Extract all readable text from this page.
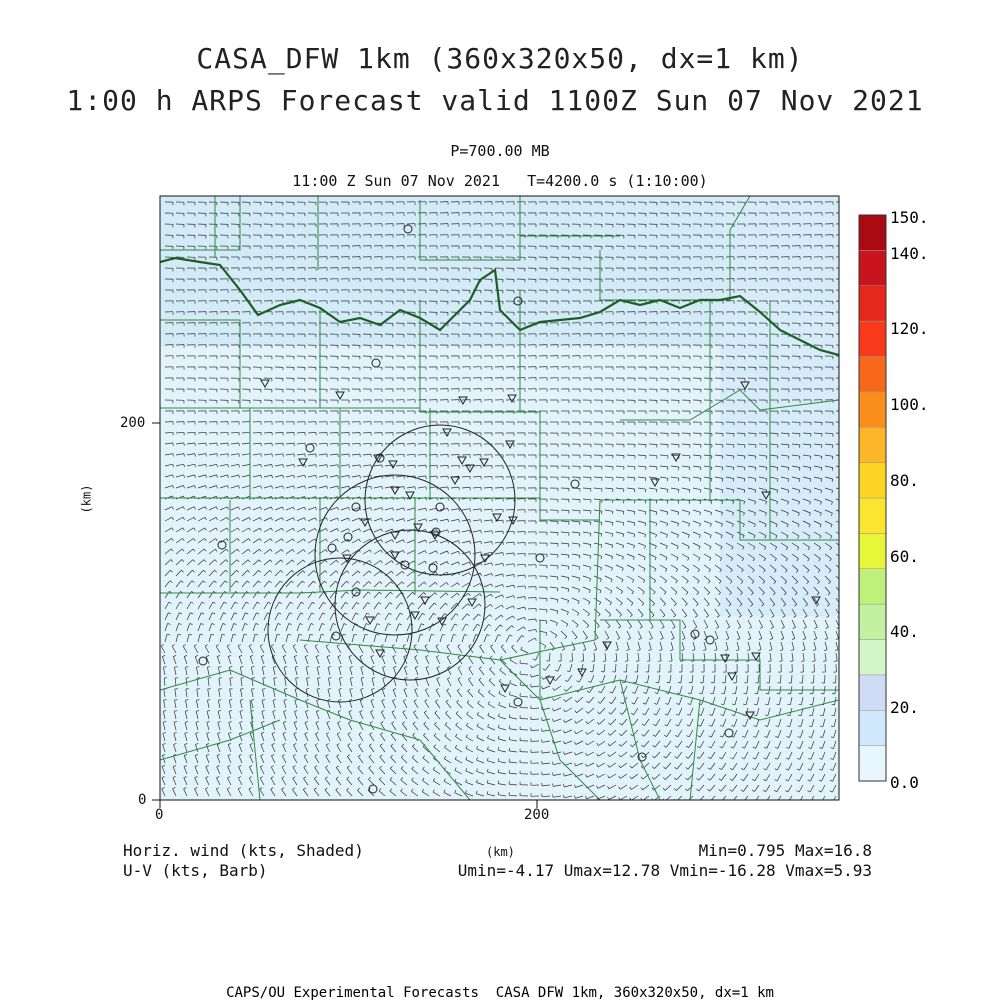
CASA_DFW 1km (360x320x50, dx=1 km)
1:00 h ARPS Forecast valid 1100Z Sun 07 Nov 2021
P=700.00 MB
11:00 Z Sun 07 Nov 2021   T=4200.0 s (1:10:00)
0	200
0
200
(km)
(km)
150.
140.
120.
100.
80.
60.
40.
20.
0.0
Horiz. wind (kts, Shaded)
U-V (kts, Barb)
Min=0.795 Max=16.8
Umin=-4.17 Umax=12.78 Vmin=-16.28 Vmax=5.93
CAPS/OU Experimental Forecasts  CASA DFW 1km, 360x320x50, dx=1 km
